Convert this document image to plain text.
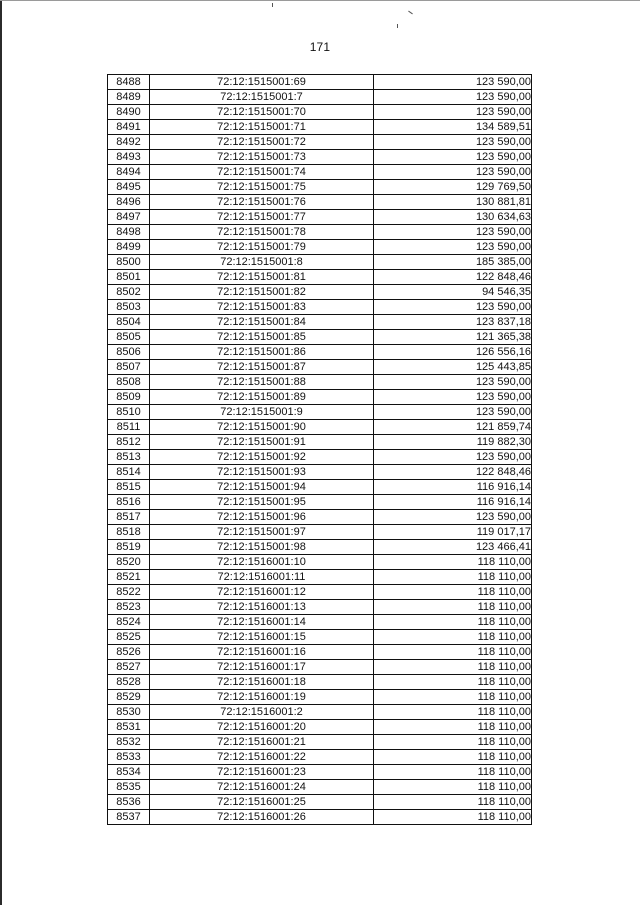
171
8488	72:12:1515001:69	123 590,00
8489	72:12:1515001:7	123 590,00
8490	72:12:1515001:70	123 590,00
8491	72:12:1515001:71	134 589,51
8492	72:12:1515001:72	123 590,00
8493	72:12:1515001:73	123 590,00
8494	72:12:1515001:74	123 590,00
8495	72:12:1515001:75	129 769,50
8496	72:12:1515001:76	130 881,81
8497	72:12:1515001:77	130 634,63
8498	72:12:1515001:78	123 590,00
8499	72:12:1515001:79	123 590,00
8500	72:12:1515001:8	185 385,00
8501	72:12:1515001:81	122 848,46
8502	72:12:1515001:82	94 546,35
8503	72:12:1515001:83	123 590,00
8504	72:12:1515001:84	123 837,18
8505	72:12:1515001:85	121 365,38
8506	72:12:1515001:86	126 556,16
8507	72:12:1515001:87	125 443,85
8508	72:12:1515001:88	123 590,00
8509	72:12:1515001:89	123 590,00
8510	72:12:1515001:9	123 590,00
8511	72:12:1515001:90	121 859,74
8512	72:12:1515001:91	119 882,30
8513	72:12:1515001:92	123 590,00
8514	72:12:1515001:93	122 848,46
8515	72:12:1515001:94	116 916,14
8516	72:12:1515001:95	116 916,14
8517	72:12:1515001:96	123 590,00
8518	72:12:1515001:97	119 017,17
8519	72:12:1515001:98	123 466,41
8520	72:12:1516001:10	118 110,00
8521	72:12:1516001:11	118 110,00
8522	72:12:1516001:12	118 110,00
8523	72:12:1516001:13	118 110,00
8524	72:12:1516001:14	118 110,00
8525	72:12:1516001:15	118 110,00
8526	72:12:1516001:16	118 110,00
8527	72:12:1516001:17	118 110,00
8528	72:12:1516001:18	118 110,00
8529	72:12:1516001:19	118 110,00
8530	72:12:1516001:2	118 110,00
8531	72:12:1516001:20	118 110,00
8532	72:12:1516001:21	118 110,00
8533	72:12:1516001:22	118 110,00
8534	72:12:1516001:23	118 110,00
8535	72:12:1516001:24	118 110,00
8536	72:12:1516001:25	118 110,00
8537	72:12:1516001:26	118 110,00
